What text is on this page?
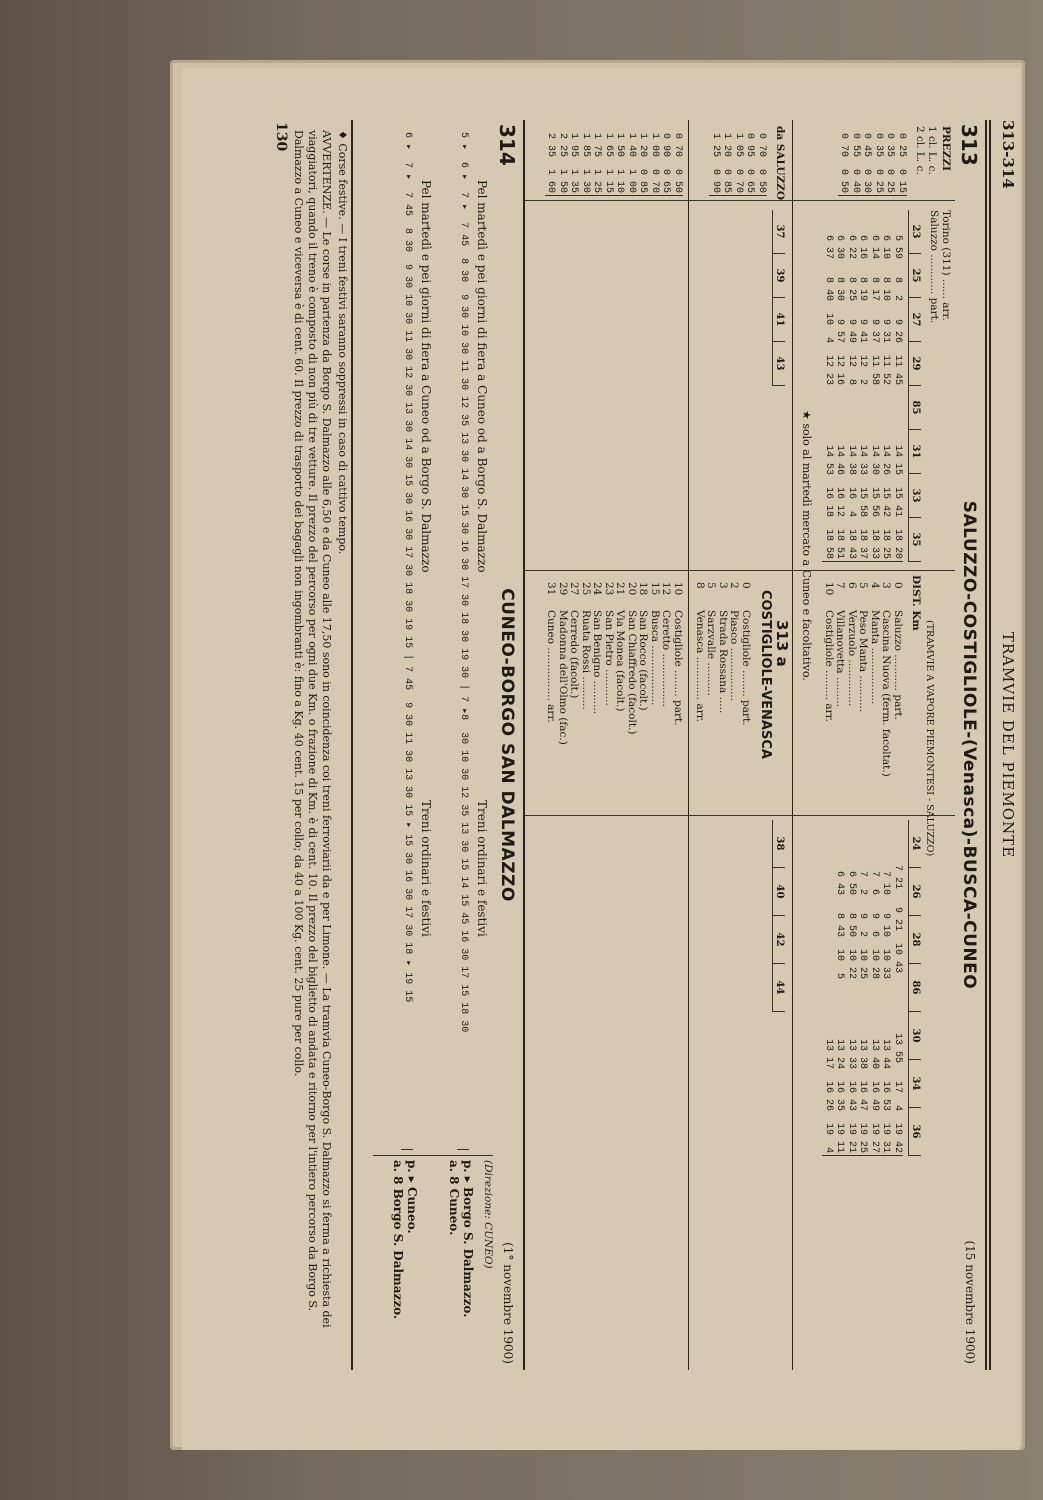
313-314
TRAMVIE DEL PIEMONTE
313
SALUZZO-COSTIGLIOLE-(Venasca)-BUSCA-CUNEO
(15 novembre 1900)
PREZZI
1 cl. L. c.
2 cl. L. c.
0 25  0 15
0 35  0 25
0 35  0 25
0 45  0 30
0 55  0 40
0 70  0 50
Torino (311) ...... arr.
Saluzzo ............ part.
23
25
27
29
85
31
33
35
5 59   8  2   9 26  11 45          14 15  15 41  18 20
6 10   8 10   9 31  11 52          14 26  15 42  18 25
6 14   8 17   9 37  11 58          14 30  15 56  18 33
6 16   8 19   9 41  12  2          14 33  15 58  18 37
6 22   8 25   9 49  12  8          14 38  16  4  18 43
6 30   8 30   9 57  12 16          14 46  16 12  18 51
6 37   8 40  10  4  12 23          14 53  16 18  18 58
★ solo al martedì mercato a Cuneo e facoltativo.	DIST. Km
(TRAMVIE A VAPORE PIEMONTESI - SALUZZO)
0
3
4
5
6
7
10
Saluzzo ........... part.
Cascina Nuova (ferm. facoltat.)
Manta .................
Peso Manta ...........
Verzuolo ..............
Villanovetta .........
Costigliole ......... arr.
24
26
28
86
30
34
36
7 21   9 21  10 43          13 55   17  4  19 42
7 10   9 10  10 33          13 44  16 53  19 31
7  6   9  6  10 28          13 40  16 49  19 27
7  2   9  2  10 25          13 38  16 47  19 25
6 50   8 50  10 22          13 33  16 43  19 21
6 43   8 43  10  5          13 24  16 35  19 11
13 17  16 26  19  4
da SALUZZO
0 70  0 50
0 95  0 65
1 05  0 70
1 20  0 85
1 25  0 90
313 a
COSTIGLIOLE-VENASCA
37
39
41
43
38
40
42
44
0
2
3
5
8
Costigliole ........ part.
Piasco ................
Strada Rossana .....
Sarzvalle ..........
Venasca ............. arr.
0 70  0 50
0 90  0 65
1 00  0 70
1 20  0 85
1 40  1 00
1 50  1 10
1 65  1 15
1 75  1 25
1 85  1 30
1 95  1 35
2 25  1 50
2 35  1 60
10
12
15
18
20
21
23
24
25
27
29
31
Costigliole ........ part.
Ceretto ................
Busca ..................
San Rocco (facolt.)
San Chiaffredo (facolt.)
Via Monea (facolt.)
San Pietro ...........
San Benigno ..........
Ruata Rossi ..........
Cerredo (facolt.)
Madonna dell'Olmo (fac.)
Cuneo ................ arr.
314
CUNEO-BORGO SAN DALMAZZO
(1° novembre 1900)
(Direzione: CUNEO)
Pel martedì e pei giorni di fiera a Cuneo od a Borgo S. Dalmazzo
Treni ordinari e festivi
5 ▸  6 ▸  7 ▸  7 45  8 30  9 30 10 30 11 30 12 35 13 30 14 30 15 30 16 30 17 30 18 30 19 30 | 7 ▸8  30 10 30 12 35 13 30 15 14 15 45 16 30 17 15 18 30
p. ▸ Borgo S. Dalmazzo.
a. 8 Cuneo.
Pel martedì e pei giorni di fiera a Cuneo od a Borgo S. Dalmazzo
Treni ordinari e festivi
6 ▸  7 ▸  7 45  8 30  9 30 10 30 11 30 12 30 13 30 14 30 15 30 16 30 17 30 18 30 19 15 | 7 45  9 30 11 30 13 30 15 ▸ 15 30 16 30 17 30 18 ▸ 19 15
p. ▸ Cuneo.
a. 8 Borgo S. Dalmazzo.
♦ Corse festive. — I treni festivi saranno soppressi in caso di cattivo tempo.
AVVERTENZE. — Le corse in partenza da Borgo S. Dalmazzo alle 6,50 e da Cuneo alle 17,50 sono in coincidenza coi treni ferroviarii da e per Limone. — La tramvia Cuneo-Borgo S. Dalmazzo si ferma a richiesta dei viaggiatori, quando il treno è composto di non più di tre vetture. Il prezzo del percorso per ogni due Km. o frazione di Km. è di cent. 10. Il prezzo del biglietto di andata e ritorno per l'intiero percorso da Borgo S. Dalmazzo a Cuneo e viceversa è di cent. 60. Il prezzo di trasporto dei bagagli non ingombranti è: fino a Kg. 40 cent. 15 per collo; da 40 a 100 Kg. cent. 25 pure per collo.
130
